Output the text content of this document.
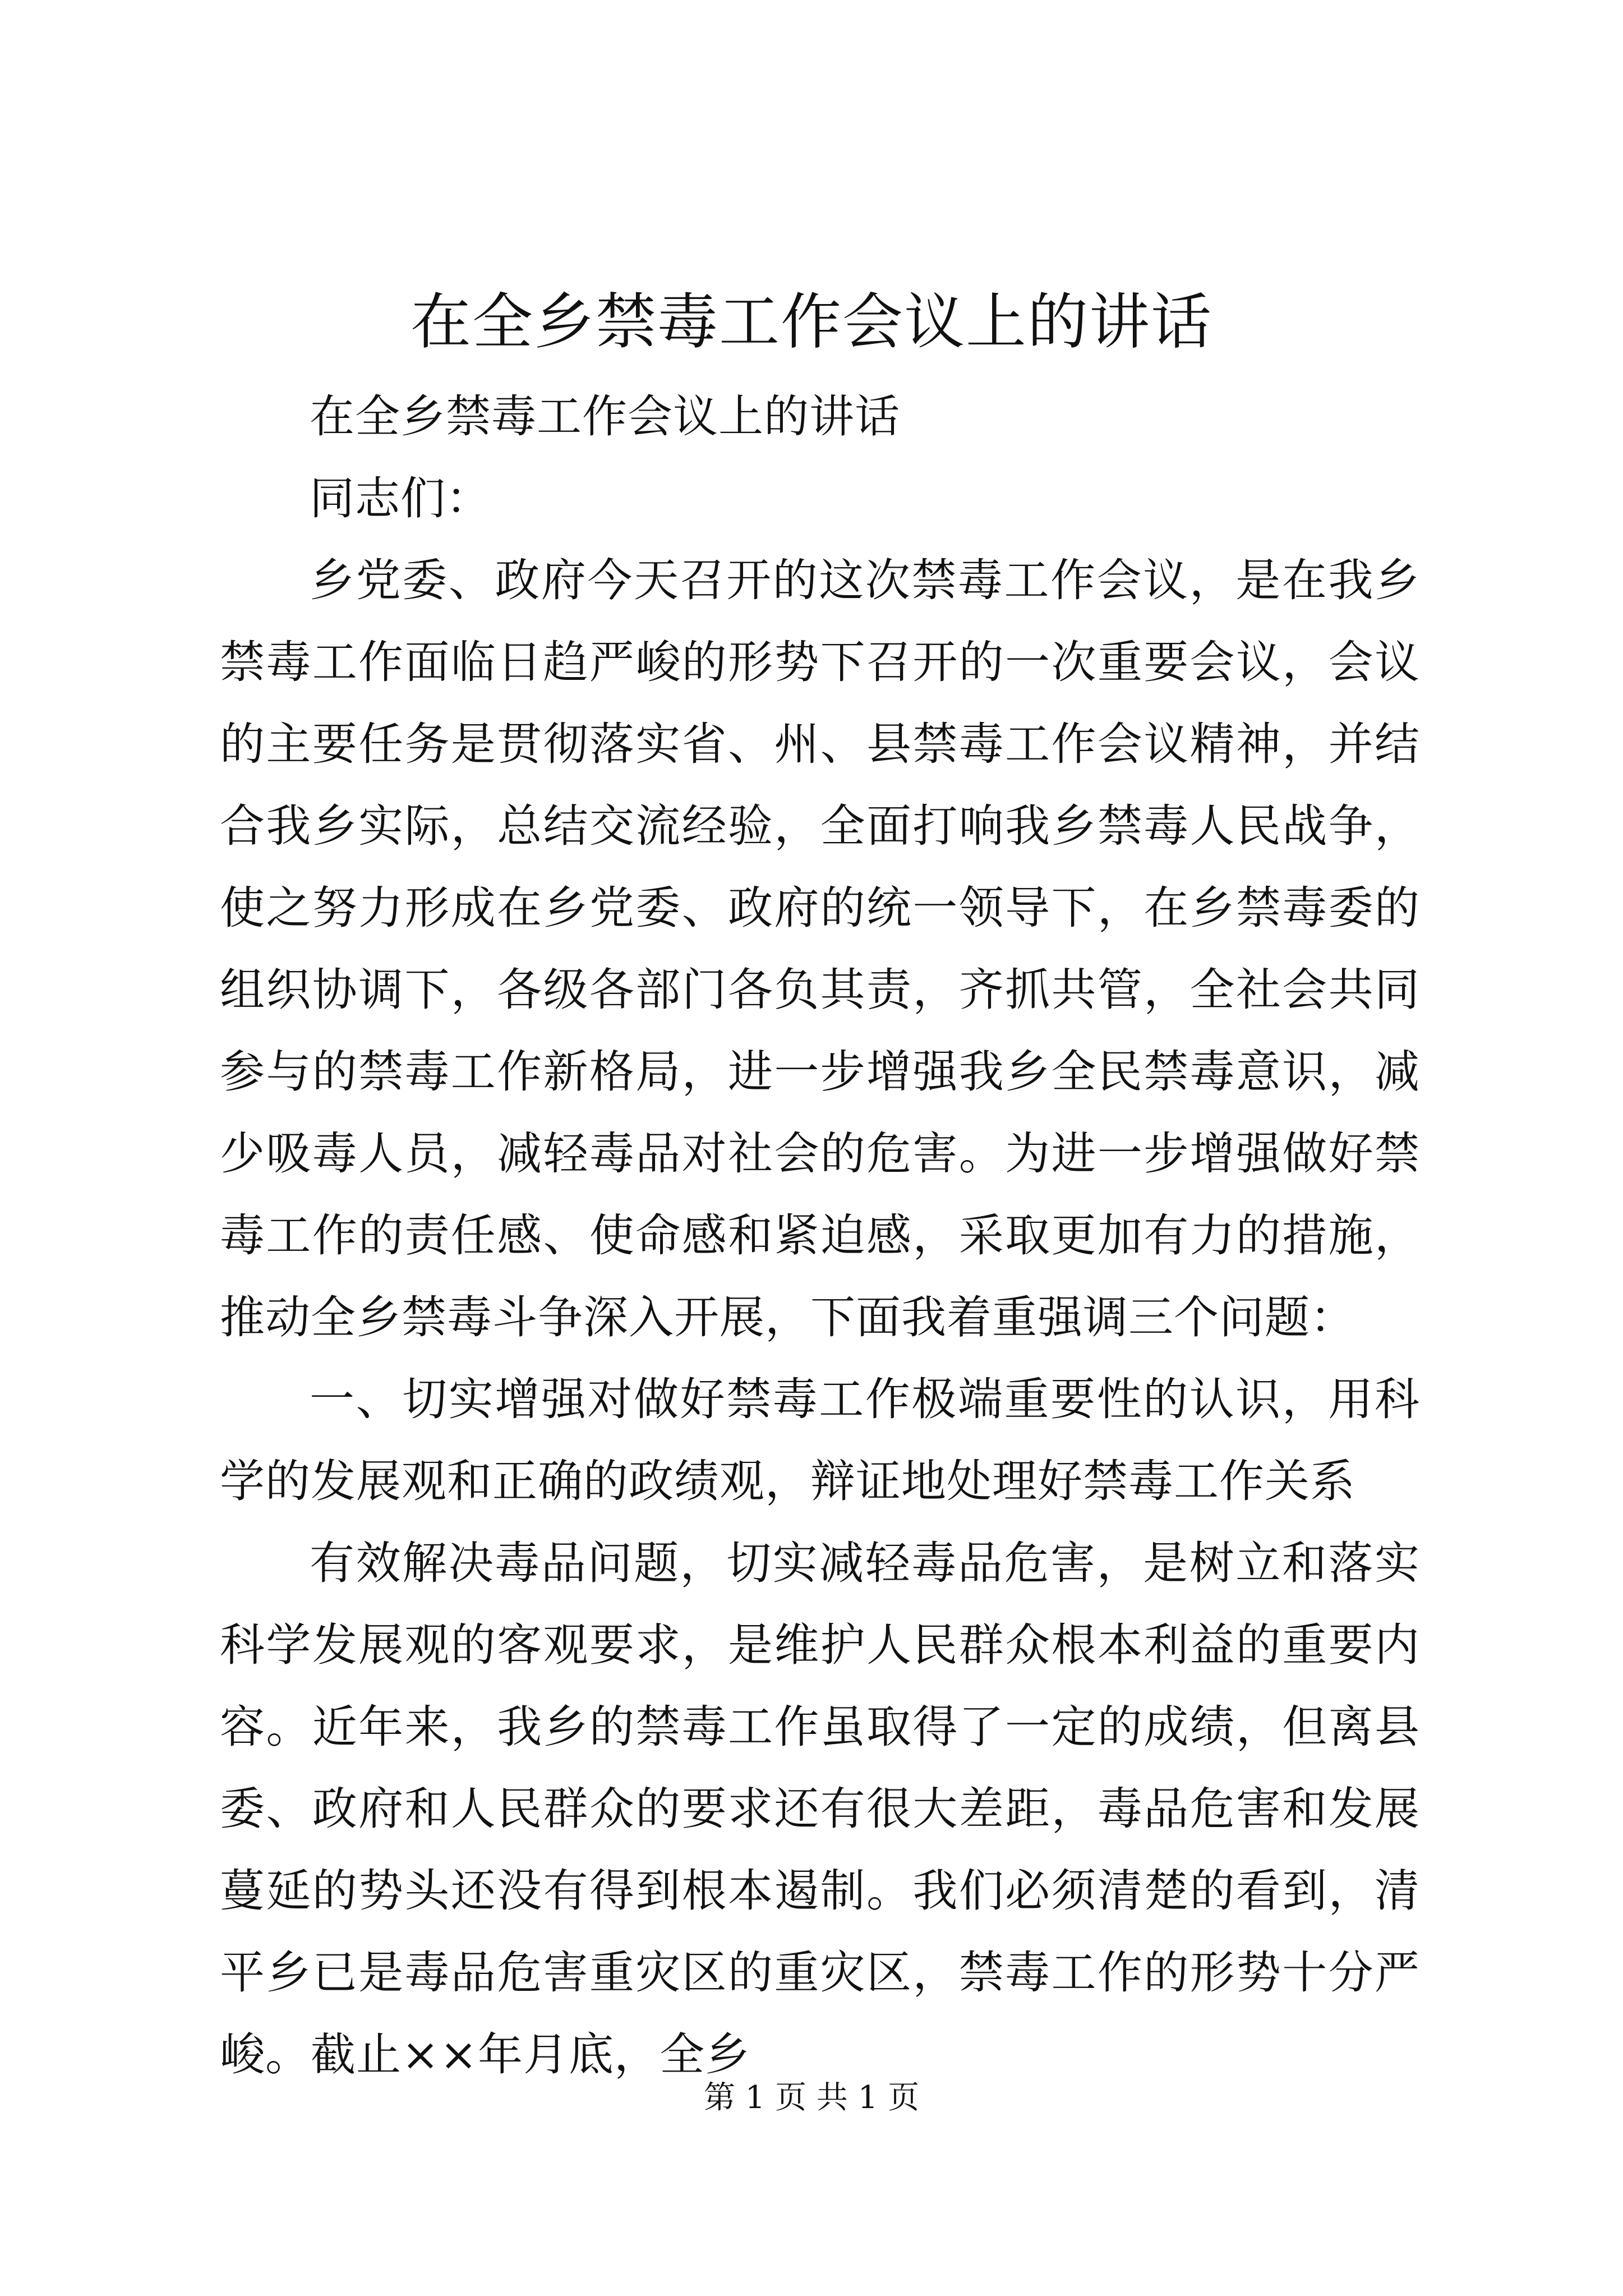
在全乡禁毒工作会议上的讲话

在全乡禁毒工作会议上的讲话

同志们：

乡党委、政府今天召开的这次禁毒工作会议，是在我乡禁毒工作面临日趋严峻的形势下召开的一次重要会议，会议的主要任务是贯彻落实省、州、县禁毒工作会议精神，并结合我乡实际，总结交流经验，全面打响我乡禁毒人民战争，使之努力形成在乡党委、政府的统一领导下，在乡禁毒委的组织协调下，各级各部门各负其责，齐抓共管，全社会共同参与的禁毒工作新格局，进一步增强我乡全民禁毒意识，减少吸毒人员，减轻毒品对社会的危害。为进一步增强做好禁毒工作的责任感、使命感和紧迫感，采取更加有力的措施，推动全乡禁毒斗争深入开展，下面我着重强调三个问题：

一、切实增强对做好禁毒工作极端重要性的认识，用科学的发展观和正确的政绩观，辩证地处理好禁毒工作关系

有效解决毒品问题，切实减轻毒品危害，是树立和落实科学发展观的客观要求，是维护人民群众根本利益的重要内容。近年来，我乡的禁毒工作虽取得了一定的成绩，但离县委、政府和人民群众的要求还有很大差距，毒品危害和发展蔓延的势头还没有得到根本遏制。我们必须清楚的看到，清平乡已是毒品危害重灾区的重灾区，禁毒工作的形势十分严峻。截止××年月底，全乡

第 1 页 共 1 页
